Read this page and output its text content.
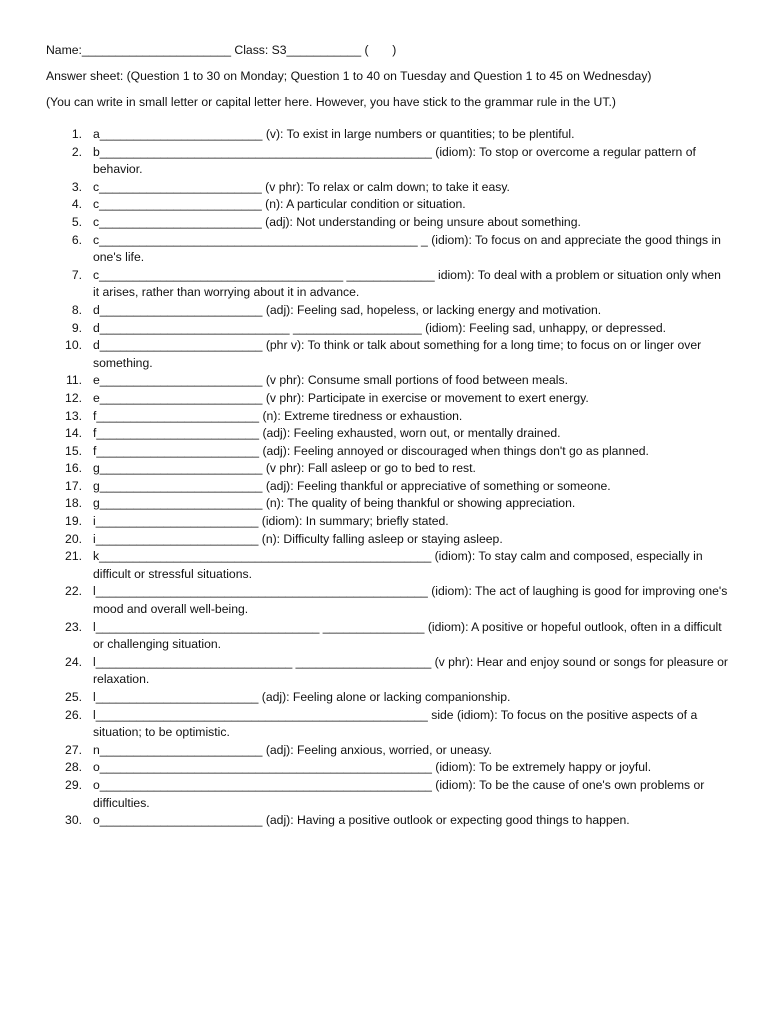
Name:______________________ Class: S3___________ (       )
Answer sheet: (Question 1 to 30 on Monday; Question 1 to 40 on Tuesday and Question 1 to 45 on Wednesday)
(You can write in small letter or capital letter here. However, you have stick to the grammar rule in the UT.)
1. a________________________ (v): To exist in large numbers or quantities; to be plentiful.
2. b_________________________________________________ (idiom): To stop or overcome a regular pattern of behavior.
3. c________________________ (v phr): To relax or calm down; to take it easy.
4. c________________________ (n): A particular condition or situation.
5. c________________________ (adj): Not understanding or being unsure about something.
6. c_______________________________________________ _ (idiom): To focus on and appreciate the good things in one's life.
7. c____________________________________ _____________ idiom): To deal with a problem or situation only when it arises, rather than worrying about it in advance.
8. d________________________ (adj): Feeling sad, hopeless, or lacking energy and motivation.
9. d____________________________ ___________________ (idiom): Feeling sad, unhappy, or depressed.
10. d________________________ (phr v): To think or talk about something for a long time; to focus on or linger over something.
11. e________________________ (v phr): Consume small portions of food between meals.
12. e________________________ (v phr): Participate in exercise or movement to exert energy.
13. f________________________ (n): Extreme tiredness or exhaustion.
14. f________________________ (adj): Feeling exhausted, worn out, or mentally drained.
15. f________________________ (adj): Feeling annoyed or discouraged when things don't go as planned.
16. g________________________ (v phr): Fall asleep or go to bed to rest.
17. g________________________ (adj): Feeling thankful or appreciative of something or someone.
18. g________________________ (n): The quality of being thankful or showing appreciation.
19. i________________________ (idiom): In summary; briefly stated.
20. i________________________ (n): Difficulty falling asleep or staying asleep.
21. k_________________________________________________ (idiom): To stay calm and composed, especially in difficult or stressful situations.
22. l_________________________________________________ (idiom): The act of laughing is good for improving one's mood and overall well-being.
23. l_________________________________ _______________ (idiom): A positive or hopeful outlook, often in a difficult or challenging situation.
24. l_____________________________ ____________________ (v phr): Hear and enjoy sound or songs for pleasure or relaxation.
25. l________________________ (adj): Feeling alone or lacking companionship.
26. l_________________________________________________ side (idiom): To focus on the positive aspects of a situation; to be optimistic.
27. n________________________ (adj): Feeling anxious, worried, or uneasy.
28. o_________________________________________________ (idiom): To be extremely happy or joyful.
29. o_________________________________________________ (idiom): To be the cause of one's own problems or difficulties.
30. o________________________ (adj): Having a positive outlook or expecting good things to happen.
